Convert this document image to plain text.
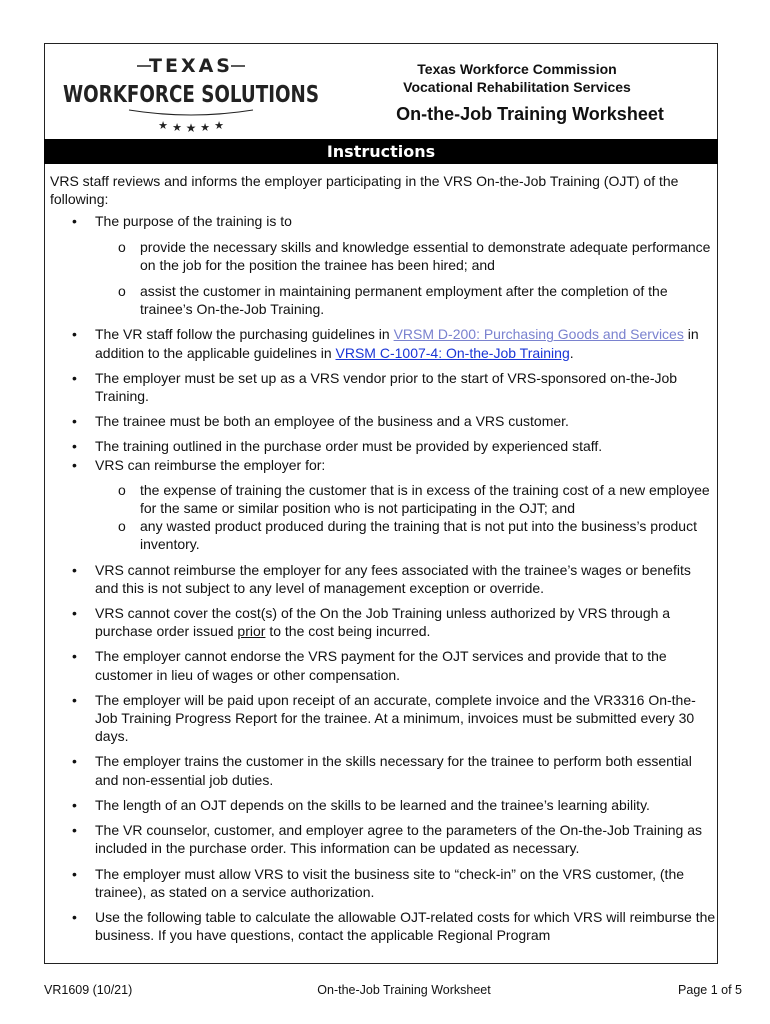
TEXAS
WORKFORCE SOLUTIONS
★ ★ ★ ★ ★
Texas Workforce Commission
Vocational Rehabilitation Services
On-the-Job Training Worksheet
Instructions

VRS staff reviews and informs the employer participating in the VRS On-the-Job Training (OJT) of the following:

• The purpose of the training is to
o provide the necessary skills and knowledge essential to demonstrate adequate performance on the job for the position the trainee has been hired; and
o assist the customer in maintaining permanent employment after the completion of the trainee’s On-the-Job Training.
• The VR staff follow the purchasing guidelines in VRSM D-200: Purchasing Goods and Services in addition to the applicable guidelines in VRSM C-1007-4: On-the-Job Training.
• The employer must be set up as a VRS vendor prior to the start of VRS-sponsored on-the-Job Training.
• The trainee must be both an employee of the business and a VRS customer.
• The training outlined in the purchase order must be provided by experienced staff.
• VRS can reimburse the employer for:
o the expense of training the customer that is in excess of the training cost of a new employee for the same or similar position who is not participating in the OJT; and
o any wasted product produced during the training that is not put into the business’s product inventory.
• VRS cannot reimburse the employer for any fees associated with the trainee’s wages or benefits and this is not subject to any level of management exception or override.
• VRS cannot cover the cost(s) of the On the Job Training unless authorized by VRS through a purchase order issued prior to the cost being incurred.
• The employer cannot endorse the VRS payment for the OJT services and provide that to the customer in lieu of wages or other compensation.
• The employer will be paid upon receipt of an accurate, complete invoice and the VR3316 On-the-Job Training Progress Report for the trainee. At a minimum, invoices must be submitted every 30 days.
• The employer trains the customer in the skills necessary for the trainee to perform both essential and non-essential job duties.
• The length of an OJT depends on the skills to be learned and the trainee’s learning ability.
• The VR counselor, customer, and employer agree to the parameters of the On-the-Job Training as included in the purchase order. This information can be updated as necessary.
• The employer must allow VRS to visit the business site to “check-in” on the VRS customer, (the trainee), as stated on a service authorization.
• Use the following table to calculate the allowable OJT-related costs for which VRS will reimburse the business. If you have questions, contact the applicable Regional Program
VR1609 (10/21)	On-the-Job Training Worksheet	Page 1 of 5
